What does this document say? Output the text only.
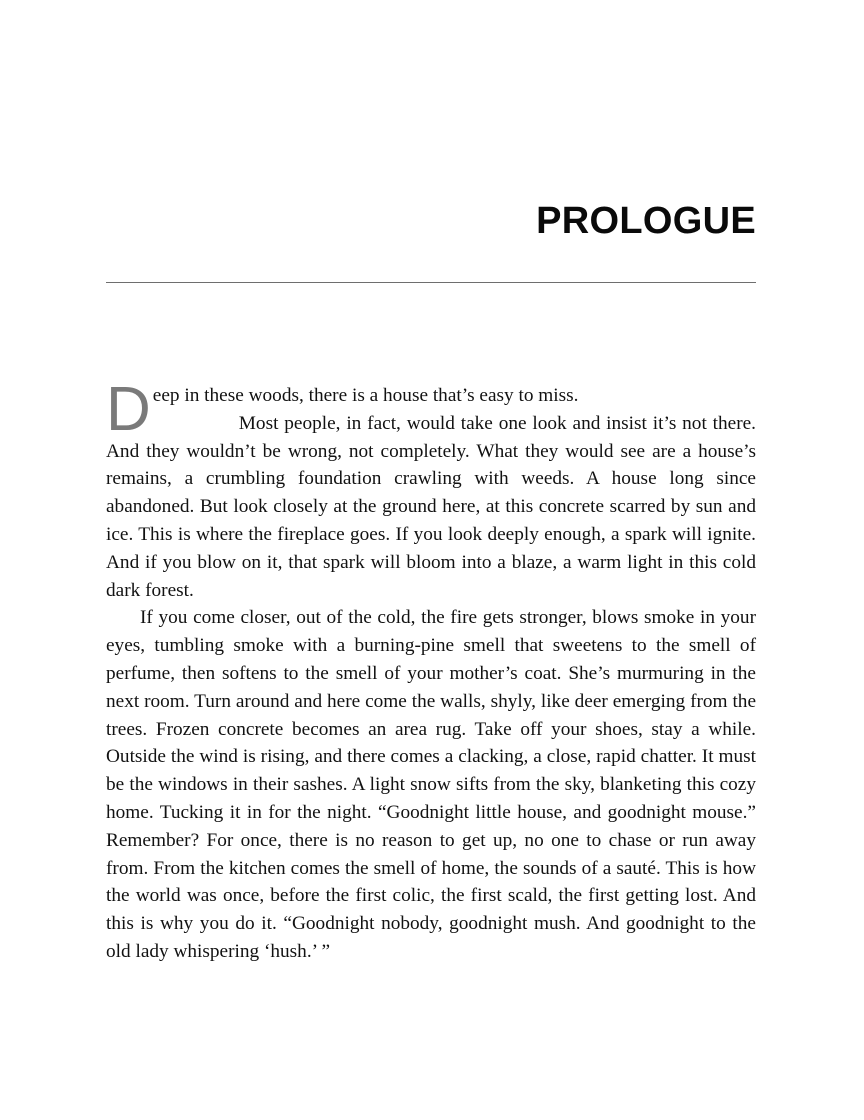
PROLOGUE
D eep in these woods, there is a house that’s easy to miss.

Most people, in fact, would take one look and insist it’s not there. And they wouldn’t be wrong, not completely. What they would see are a house’s remains, a crumbling foundation crawling with weeds. A house long since abandoned. But look closely at the ground here, at this concrete scarred by sun and ice. This is where the fireplace goes. If you look deeply enough, a spark will ignite. And if you blow on it, that spark will bloom into a blaze, a warm light in this cold dark forest.

If you come closer, out of the cold, the fire gets stronger, blows smoke in your eyes, tumbling smoke with a burning-pine smell that sweetens to the smell of perfume, then softens to the smell of your mother’s coat. She’s murmuring in the next room. Turn around and here come the walls, shyly, like deer emerging from the trees. Frozen concrete becomes an area rug. Take off your shoes, stay a while. Outside the wind is rising, and there comes a clacking, a close, rapid chatter. It must be the windows in their sashes. A light snow sifts from the sky, blanketing this cozy home. Tucking it in for the night. “Goodnight little house, and goodnight mouse.” Remember? For once, there is no reason to get up, no one to chase or run away from. From the kitchen comes the smell of home, the sounds of a sauté. This is how the world was once, before the first colic, the first scald, the first getting lost. And this is why you do it. “Goodnight nobody, goodnight mush. And goodnight to the old lady whispering ‘hush.’ ”
